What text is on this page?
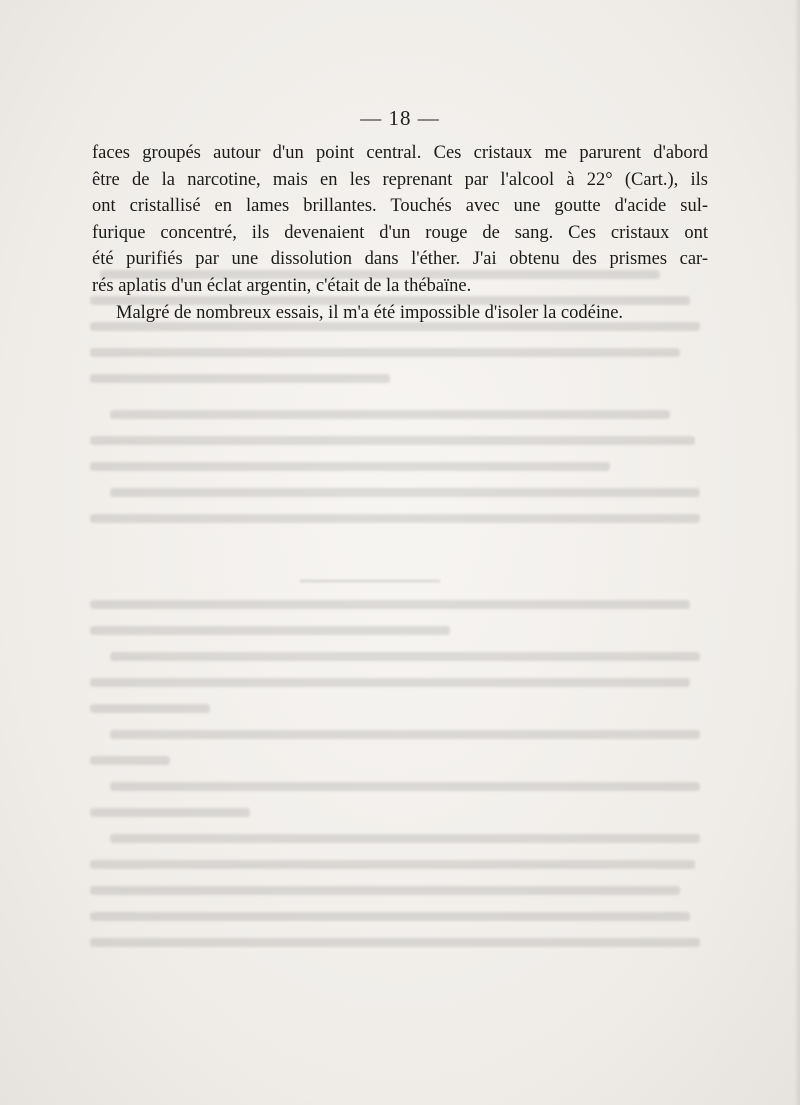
— 18 —

faces groupés autour d'un point central. Ces cristaux me parurent d'abord

être de la narcotine, mais en les reprenant par l'alcool à 22° (Cart.), ils

ont cristallisé en lames brillantes. Touchés avec une goutte d'acide sul-

furique concentré, ils devenaient d'un rouge de sang. Ces cristaux ont

été purifiés par une dissolution dans l'éther. J'ai obtenu des prismes car-

rés aplatis d'un éclat argentin, c'était de la thébaïne.

Malgré de nombreux essais, il m'a été impossible d'isoler la codéine.
